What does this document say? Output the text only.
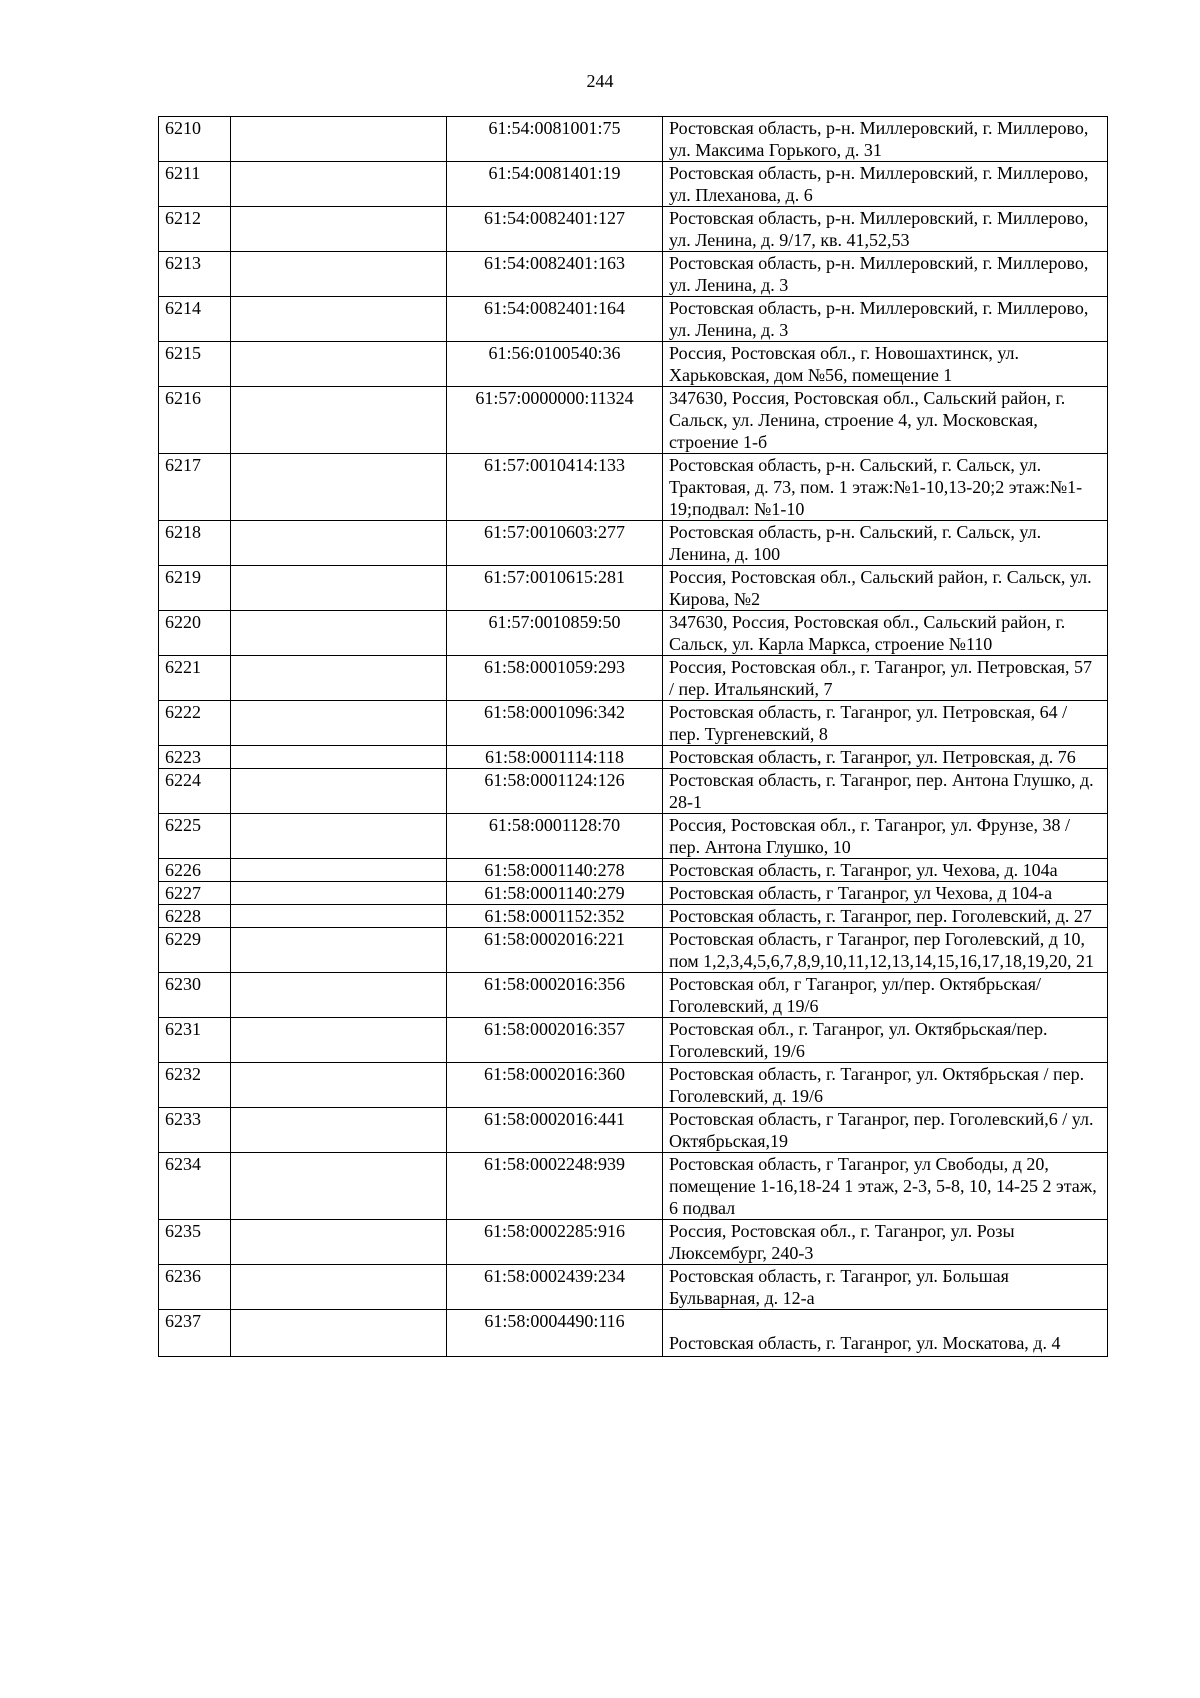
244
6210		61:54:0081001:75	Ростовская область, р-н. Миллеровский, г. Миллерово, ул. Максима Горького, д. 31
6211		61:54:0081401:19	Ростовская область, р-н. Миллеровский, г. Миллерово, ул. Плеханова, д. 6
6212		61:54:0082401:127	Ростовская область, р-н. Миллеровский, г. Миллерово, ул. Ленина, д. 9/17, кв. 41,52,53
6213		61:54:0082401:163	Ростовская область, р-н. Миллеровский, г. Миллерово, ул. Ленина, д. 3
6214		61:54:0082401:164	Ростовская область, р-н. Миллеровский, г. Миллерово, ул. Ленина, д. 3
6215		61:56:0100540:36	Россия, Ростовская обл., г. Новошахтинск, ул. Харьковская, дом №56, помещение 1
6216		61:57:0000000:11324	347630, Россия, Ростовская обл., Сальский район, г. Сальск, ул. Ленина, строение 4, ул. Московская, строение 1-б
6217		61:57:0010414:133	Ростовская область, р-н. Сальский, г. Сальск, ул. Трактовая, д. 73, пом. 1 этаж:№1-10,13-20;2 этаж:№1-19;подвал: №1-10
6218		61:57:0010603:277	Ростовская область, р-н. Сальский, г. Сальск, ул. Ленина, д. 100
6219		61:57:0010615:281	Россия, Ростовская обл., Сальский район, г. Сальск, ул. Кирова, №2
6220		61:57:0010859:50	347630, Россия, Ростовская обл., Сальский район, г. Сальск, ул. Карла Маркса, строение №110
6221		61:58:0001059:293	Россия, Ростовская обл., г. Таганрог, ул. Петровская, 57 / пер. Итальянский, 7
6222		61:58:0001096:342	Ростовская область, г. Таганрог, ул. Петровская, 64 / пер. Тургеневский, 8
6223		61:58:0001114:118	Ростовская область, г. Таганрог, ул. Петровская, д. 76
6224		61:58:0001124:126	Ростовская область, г. Таганрог, пер. Антона Глушко, д. 28-1
6225		61:58:0001128:70	Россия, Ростовская обл., г. Таганрог, ул. Фрунзе, 38 / пер. Антона Глушко, 10
6226		61:58:0001140:278	Ростовская область, г. Таганрог, ул. Чехова, д. 104а
6227		61:58:0001140:279	Ростовская область, г Таганрог, ул Чехова, д 104-а
6228		61:58:0001152:352	Ростовская область, г. Таганрог, пер. Гоголевский, д. 27
6229		61:58:0002016:221	Ростовская область, г Таганрог, пер Гоголевский, д 10, пом 1,2,3,4,5,6,7,8,9,10,11,12,13,14,15,16,17,18,19,20, 21
6230		61:58:0002016:356	Ростовская обл, г Таганрог, ул/пер. Октябрьская/Гоголевский, д 19/6
6231		61:58:0002016:357	Ростовская обл., г. Таганрог, ул. Октябрьская/пер. Гоголевский, 19/6
6232		61:58:0002016:360	Ростовская область, г. Таганрог, ул. Октябрьская / пер. Гоголевский, д. 19/6
6233		61:58:0002016:441	Ростовская область, г Таганрог, пер. Гоголевский,6 / ул. Октябрьская,19
6234		61:58:0002248:939	Ростовская область, г Таганрог, ул Свободы, д 20, помещение 1-16,18-24 1 этаж, 2-3, 5-8, 10, 14-25 2 этаж, 6 подвал
6235		61:58:0002285:916	Россия, Ростовская обл., г. Таганрог, ул. Розы Люксембург, 240-3
6236		61:58:0002439:234	Ростовская область, г. Таганрог, ул. Большая Бульварная, д. 12-а
6237		61:58:0004490:116	Ростовская область, г. Таганрог, ул. Москатова, д. 4
